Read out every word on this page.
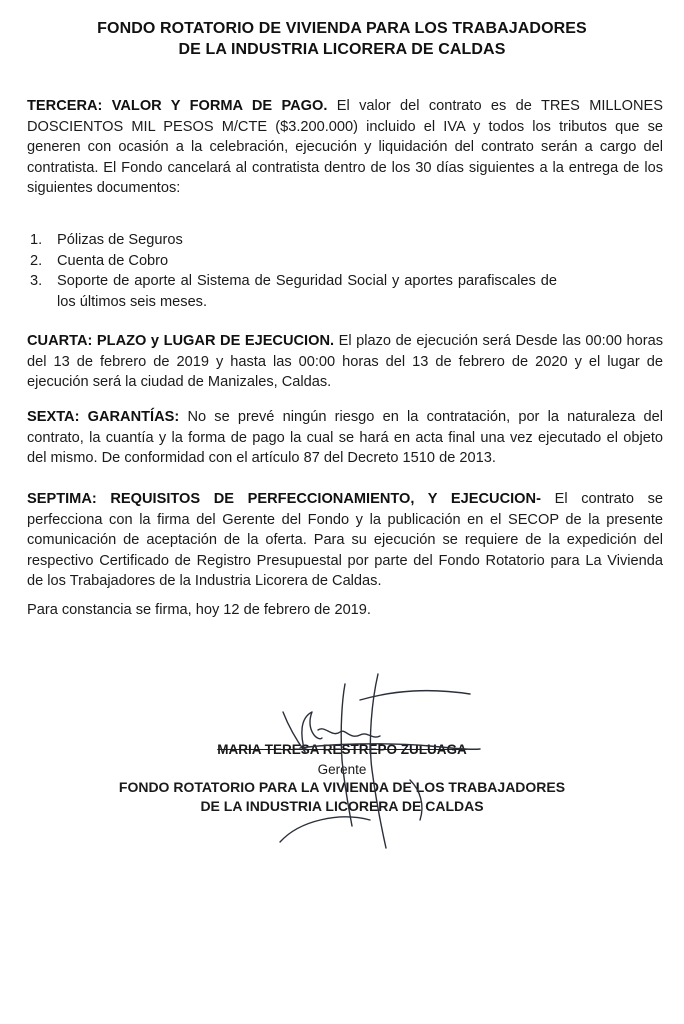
FONDO ROTATORIO DE VIVIENDA PARA LOS TRABAJADORES
DE LA INDUSTRIA LICORERA DE CALDAS
TERCERA: VALOR Y FORMA DE PAGO. El valor del contrato es de TRES MILLONES DOSCIENTOS MIL PESOS M/CTE ($3.200.000) incluido el IVA y todos los tributos que se generen con ocasión a la celebración, ejecución y liquidación del contrato serán a cargo del contratista. El Fondo cancelará al contratista dentro de los 30 días siguientes a la entrega de los siguientes documentos:
1. Pólizas de Seguros
2. Cuenta de Cobro
3. Soporte de aporte al Sistema de Seguridad Social y aportes parafiscales de los últimos seis meses.
CUARTA: PLAZO y LUGAR DE EJECUCION. El plazo de ejecución será Desde las 00:00 horas del 13 de febrero de 2019 y hasta las 00:00 horas del 13 de febrero de 2020 y el lugar de ejecución será la ciudad de Manizales, Caldas.
SEXTA: GARANTÍAS: No se prevé ningún riesgo en la contratación, por la naturaleza del contrato, la cuantía y la forma de pago la cual se hará en acta final una vez ejecutado el objeto del mismo. De conformidad con el artículo 87 del Decreto 1510 de 2013.
SEPTIMA: REQUISITOS DE PERFECCIONAMIENTO, Y EJECUCION- El contrato se perfecciona con la firma del Gerente del Fondo y la publicación en el SECOP de la presente comunicación de aceptación de la oferta. Para su ejecución se requiere de la expedición del respectivo Certificado de Registro Presupuestal por parte del Fondo Rotatorio para La Vivienda de los Trabajadores de la Industria Licorera de Caldas.
Para constancia se firma, hoy 12 de febrero de 2019.
MARIA TERESA RESTREPO ZULUAGA
Gerente
FONDO ROTATORIO PARA LA VIVIENDA DE LOS TRABAJADORES
DE LA INDUSTRIA LICORERA DE CALDAS
